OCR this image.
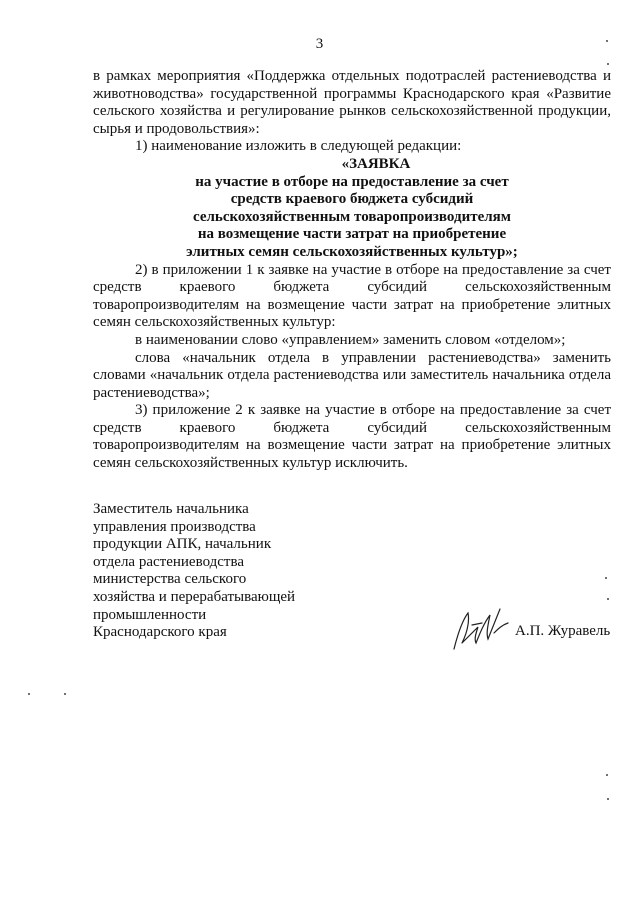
3

в рамках мероприятия «Поддержка отдельных подотраслей растениеводства и животноводства» государственной программы Краснодарского края «Развитие сельского хозяйства и регулирование рынков сельскохозяйственной продукции, сырья и продовольствия»:

1) наименование изложить в следующей редакции:

«ЗАЯВКА
на участие в отборе на предоставление за счет
средств краевого бюджета субсидий
сельскохозяйственным товаропроизводителям
на возмещение части затрат на приобретение
элитных семян сельскохозяйственных культур»;

2) в приложении 1 к заявке на участие в отборе на предоставление за счет средств краевого бюджета субсидий сельскохозяйственным товаропроизводителям на возмещение части затрат на приобретение элитных семян сельскохозяйственных культур:

в наименовании слово «управлением» заменить словом «отделом»;

слова «начальник отдела в управлении растениеводства» заменить словами «начальник отдела растениеводства или заместитель начальника отдела растениеводства»;

3) приложение 2 к заявке на участие в отборе на предоставление за счет средств краевого бюджета субсидий сельскохозяйственным товаропроизводителям на возмещение части затрат на приобретение элитных семян сельскохозяйственных культур исключить.

Заместитель начальника
управления производства
продукции АПК, начальник
отдела растениеводства
министерства сельского
хозяйства и перерабатывающей
промышленности
Краснодарского края	А.П. Журавель
